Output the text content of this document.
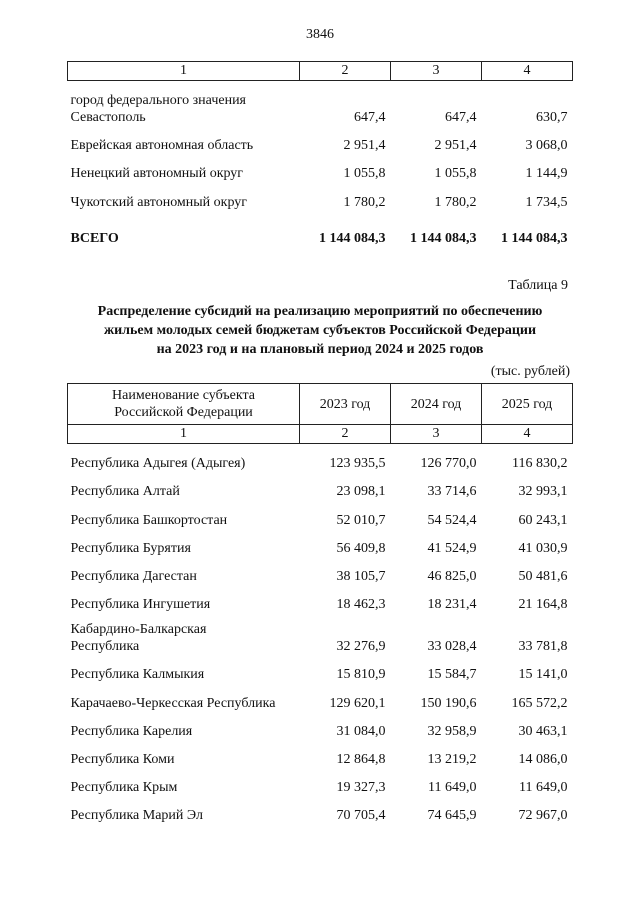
3846
1	2	3	4
город федерального значения
Севастополь	647,4	647,4	630,7
Еврейская автономная область	2 951,4	2 951,4	3 068,0
Ненецкий автономный округ	1 055,8	1 055,8	1 144,9
Чукотский автономный округ	1 780,2	1 780,2	1 734,5
ВСЕГО	1 144 084,3	1 144 084,3	1 144 084,3
Таблица 9
Распределение субсидий на реализацию мероприятий по обеспечению
жильем молодых семей бюджетам субъектов Российской Федерации
на 2023 год и на плановый период 2024 и 2025 годов
(тыс. рублей)
Наименование субъекта
Российской Федерации	2023 год	2024 год	2025 год
1	2	3	4
Республика Адыгея (Адыгея)	123 935,5	126 770,0	116 830,2
Республика Алтай	23 098,1	33 714,6	32 993,1
Республика Башкортостан	52 010,7	54 524,4	60 243,1
Республика Бурятия	56 409,8	41 524,9	41 030,9
Республика Дагестан	38 105,7	46 825,0	50 481,6
Республика Ингушетия	18 462,3	18 231,4	21 164,8
Кабардино-Балкарская
Республика	32 276,9	33 028,4	33 781,8
Республика Калмыкия	15 810,9	15 584,7	15 141,0
Карачаево-Черкесская Республика	129 620,1	150 190,6	165 572,2
Республика Карелия	31 084,0	32 958,9	30 463,1
Республика Коми	12 864,8	13 219,2	14 086,0
Республика Крым	19 327,3	11 649,0	11 649,0
Республика Марий Эл	70 705,4	74 645,9	72 967,0
